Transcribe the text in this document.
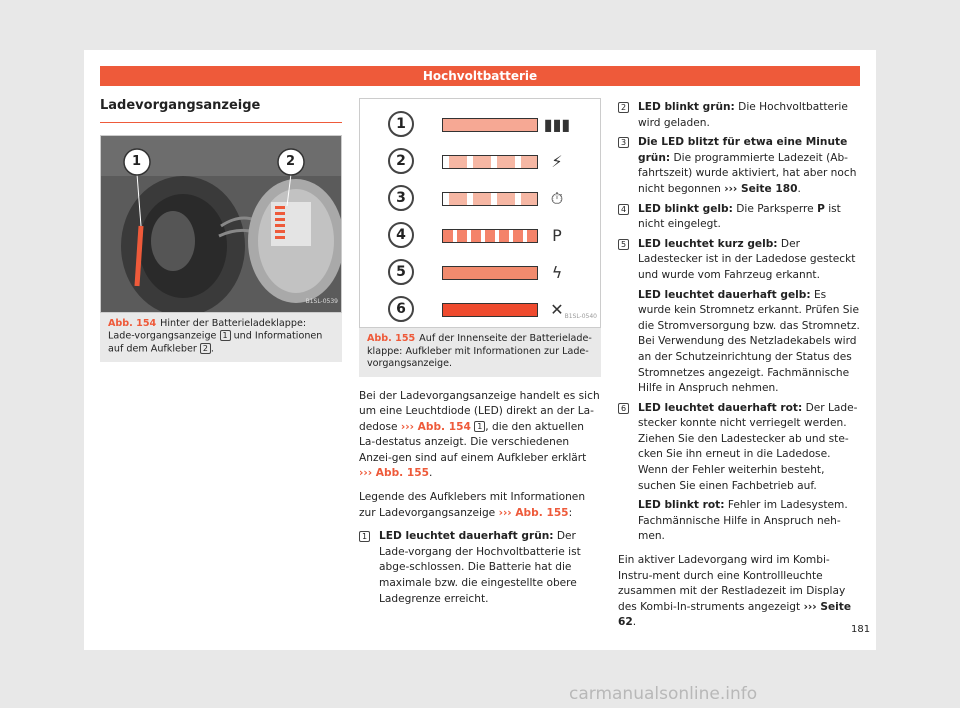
Hochvoltbatterie
Ladevorgangsanzeige
1	2
B1SL-0539
Abb. 154 Hinter der Batterieladeklappe: Lade-vorgangsanzeige 1 und Informationen auf dem Aufkleber 2 .
1	▮▮▮
2	⚡
3	⏱
4	P
5	ϟ
6	✕ B1SL-0540
Abb. 155 Auf der Innenseite der Batterielade-klappe: Aufkleber mit Informationen zur Lade-vorgangsanzeige.

Bei der Ladevorgangsanzeige handelt es sich um eine Leuchtdiode (LED) direkt an der La-dedose ››› Abb. 154 1 , die den aktuellen La-destatus anzeigt. Die verschiedenen Anzei-gen sind auf einem Aufkleber erklärt ››› Abb. 155.

Legende des Aufklebers mit Informationen zur Ladevorgangsanzeige ››› Abb. 155:

1 LED leuchtet dauerhaft grün: Der Lade-vorgang der Hochvoltbatterie ist abge-schlossen. Die Batterie hat die maximale bzw. die eingestellte obere Ladegrenze erreicht.
2 LED blinkt grün: Die Hochvoltbatterie wird geladen.
3 Die LED blitzt für etwa eine Minute grün: Die programmierte Ladezeit (Ab-fahrtszeit) wurde aktiviert, hat aber noch nicht begonnen ››› Seite 180.
4 LED blinkt gelb: Die Parksperre P ist nicht eingelegt.
5 LED leuchtet kurz gelb: Der Ladestecker ist in der Ladedose gesteckt und wurde vom Fahrzeug erkannt.
LED leuchtet dauerhaft gelb: Es wurde kein Stromnetz erkannt. Prüfen Sie die Stromversorgung bzw. das Stromnetz. Bei Verwendung des Netzladekabels wird an der Schutzeinrichtung der Status des Stromnetzes angezeigt. Fachmännische Hilfe in Anspruch nehmen.
6 LED leuchtet dauerhaft rot: Der Lade-stecker konnte nicht verriegelt werden. Ziehen Sie den Ladestecker ab und ste-cken Sie ihn erneut in die Ladedose. Wenn der Fehler weiterhin besteht, suchen Sie einen Fachbetrieb auf.
LED blinkt rot: Fehler im Ladesystem. Fachmännische Hilfe in Anspruch neh-men.

Ein aktiver Ladevorgang wird im Kombi-Instru-ment durch eine Kontrollleuchte zusammen mit der Restladezeit im Display des Kombi-In-struments angezeigt ››› Seite 62.

181
carmanualsonline.info
